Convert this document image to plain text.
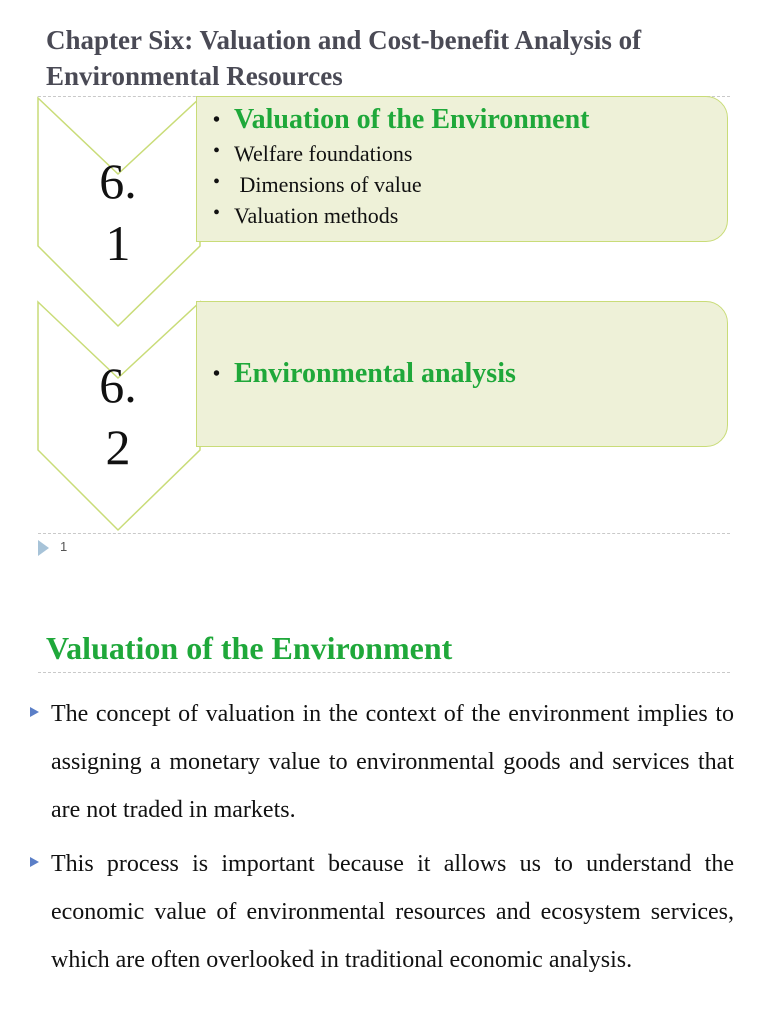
Chapter Six: Valuation and Cost-benefit Analysis of Environmental Resources
6.
1
• Valuation of the Environment
• Welfare foundations
• Dimensions of value
• Valuation methods
6.
2
• Environmental analysis
1
Valuation of the Environment
The concept of valuation in the context of the environment implies to assigning a monetary value to environmental goods and services that are not traded in markets.
This process is important because it allows us to understand the economic value of environmental resources and ecosystem services, which are often overlooked in traditional economic analysis.
